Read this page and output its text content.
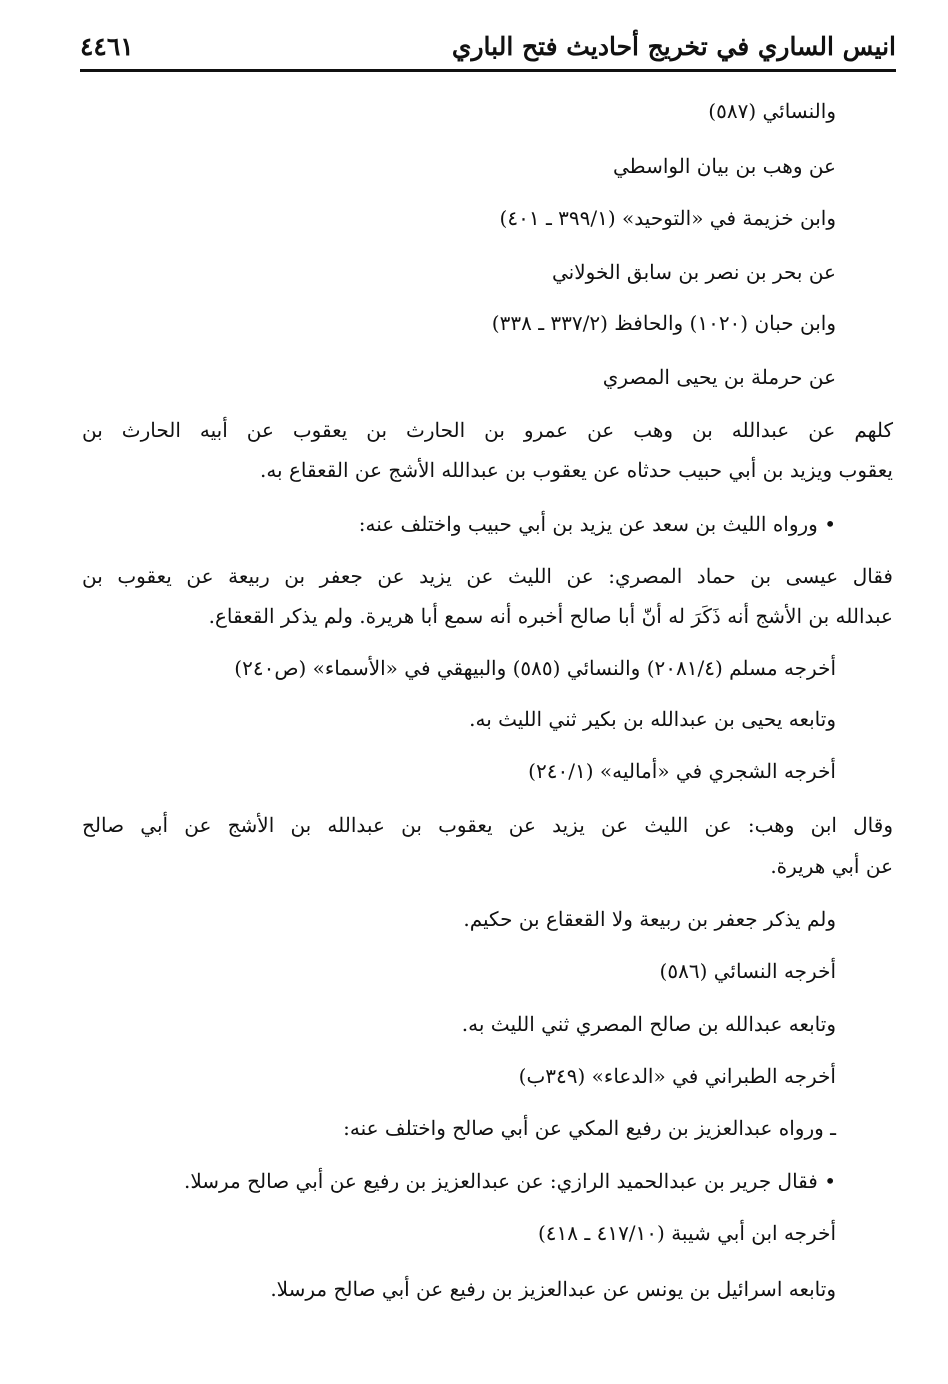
انيس الساري في تخريج أحاديث فتح الباري
٤٤٦١
والنسائي (٥٨٧)
عن وهب بن بيان الواسطي
وابن خزيمة في «التوحيد» (٣٩٩/١ ـ ٤٠١)
عن بحر بن نصر بن سابق الخولاني
وابن حبان (١٠٢٠) والحافظ (٣٣٧/٢ ـ ٣٣٨)
عن حرملة بن يحيى المصري
كلهم عن عبدالله بن وهب عن عمرو بن الحارث بن يعقوب عن أبيه الحارث بن
يعقوب ويزيد بن أبي حبيب حدثاه عن يعقوب بن عبدالله الأشج عن القعقاع به.
• ورواه الليث بن سعد عن يزيد بن أبي حبيب واختلف عنه:
فقال عيسى بن حماد المصري: عن الليث عن يزيد عن جعفر بن ربيعة عن يعقوب بن
عبدالله بن الأشج أنه ذَكَرَ له أنّ أبا صالح أخبره أنه سمع أبا هريرة. ولم يذكر القعقاع.
أخرجه مسلم (٢٠٨١/٤) والنسائي (٥٨٥) والبيهقي في «الأسماء» (ص٢٤٠)
وتابعه يحيى بن عبدالله بن بكير ثني الليث به.
أخرجه الشجري في «أماليه» (٢٤٠/١)
وقال ابن وهب: عن الليث عن يزيد عن يعقوب بن عبدالله بن الأشج عن أبي صالح
عن أبي هريرة.
ولم يذكر جعفر بن ربيعة ولا القعقاع بن حكيم.
أخرجه النسائي (٥٨٦)
وتابعه عبدالله بن صالح المصري ثني الليث به.
أخرجه الطبراني في «الدعاء» (٣٤٩ب)
ـ ورواه عبدالعزيز بن رفيع المكي عن أبي صالح واختلف عنه:
• فقال جرير بن عبدالحميد الرازي: عن عبدالعزيز بن رفيع عن أبي صالح مرسلا.
أخرجه ابن أبي شيبة (٤١٧/١٠ ـ ٤١٨)
وتابعه اسرائيل بن يونس عن عبدالعزيز بن رفيع عن أبي صالح مرسلا.
